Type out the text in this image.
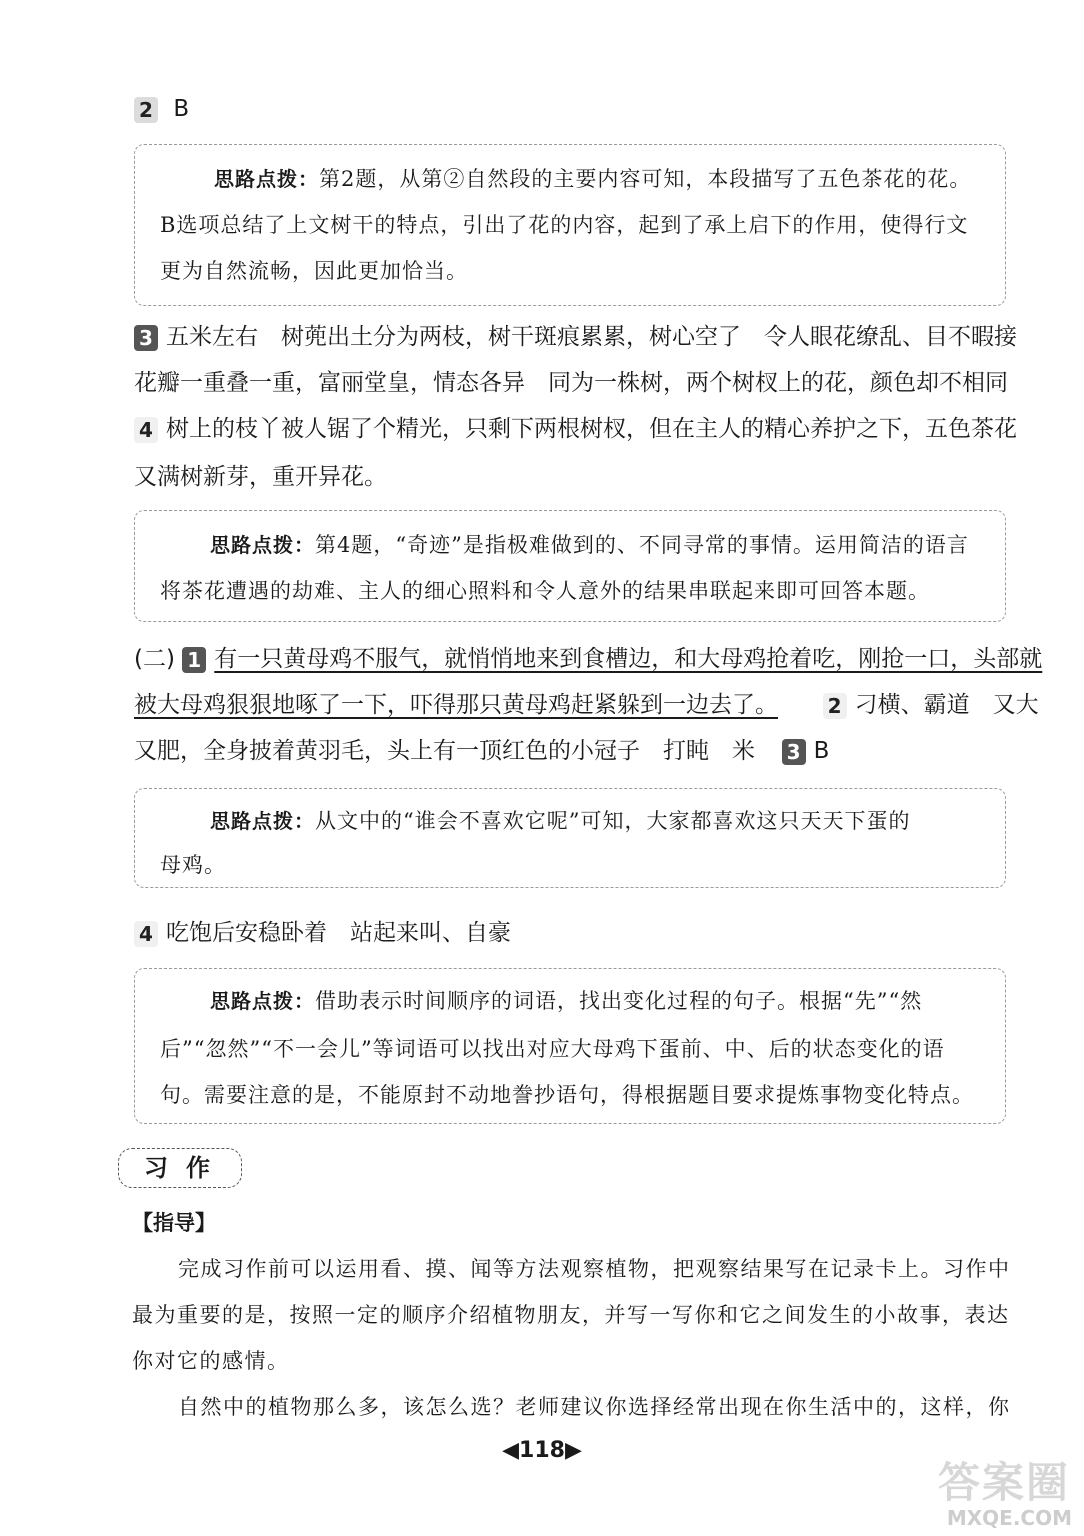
2 B
思路点拨：第2题，从第②自然段的主要内容可知，本段描写了五色茶花的花。
B选项总结了上文树干的特点，引出了花的内容，起到了承上启下的作用，使得行文
更为自然流畅，因此更加恰当。
3 五米左右　树蔸出土分为两枝，树干斑痕累累，树心空了　令人眼花缭乱、目不暇接
花瓣一重叠一重，富丽堂皇，情态各异　同为一株树，两个树杈上的花，颜色却不相同
4 树上的枝丫被人锯了个精光，只剩下两根树杈，但在主人的精心养护之下，五色茶花
又满树新芽，重开异花。
思路点拨：第4题，“奇迹”是指极难做到的、不同寻常的事情。运用简洁的语言
将茶花遭遇的劫难、主人的细心照料和令人意外的结果串联起来即可回答本题。
(二) 1 有一只黄母鸡不服气，就悄悄地来到食槽边，和大母鸡抢着吃，刚抢一口，头部就
被大母鸡狠狠地啄了一下，吓得那只黄母鸡赶紧躲到一边去了。 2 刁横、霸道　又大
又肥，全身披着黄羽毛，头上有一顶红色的小冠子　打盹　米 3 B
思路点拨：从文中的“谁会不喜欢它呢”可知，大家都喜欢这只天天下蛋的
母鸡。
4 吃饱后安稳卧着　站起来叫、自豪
思路点拨：借助表示时间顺序的词语，找出变化过程的句子。根据“先”“然
后”“忽然”“不一会儿”等词语可以找出对应大母鸡下蛋前、中、后的状态变化的语
句。需要注意的是，不能原封不动地誊抄语句，得根据题目要求提炼事物变化特点。
习作
【指导】
完成习作前可以运用看、摸、闻等方法观察植物，把观察结果写在记录卡上。习作中
最为重要的是，按照一定的顺序介绍植物朋友，并写一写你和它之间发生的小故事，表达
你对它的感情。
自然中的植物那么多，该怎么选？老师建议你选择经常出现在你生活中的，这样，你
◀118▶
答案圈
MXQE.COM
